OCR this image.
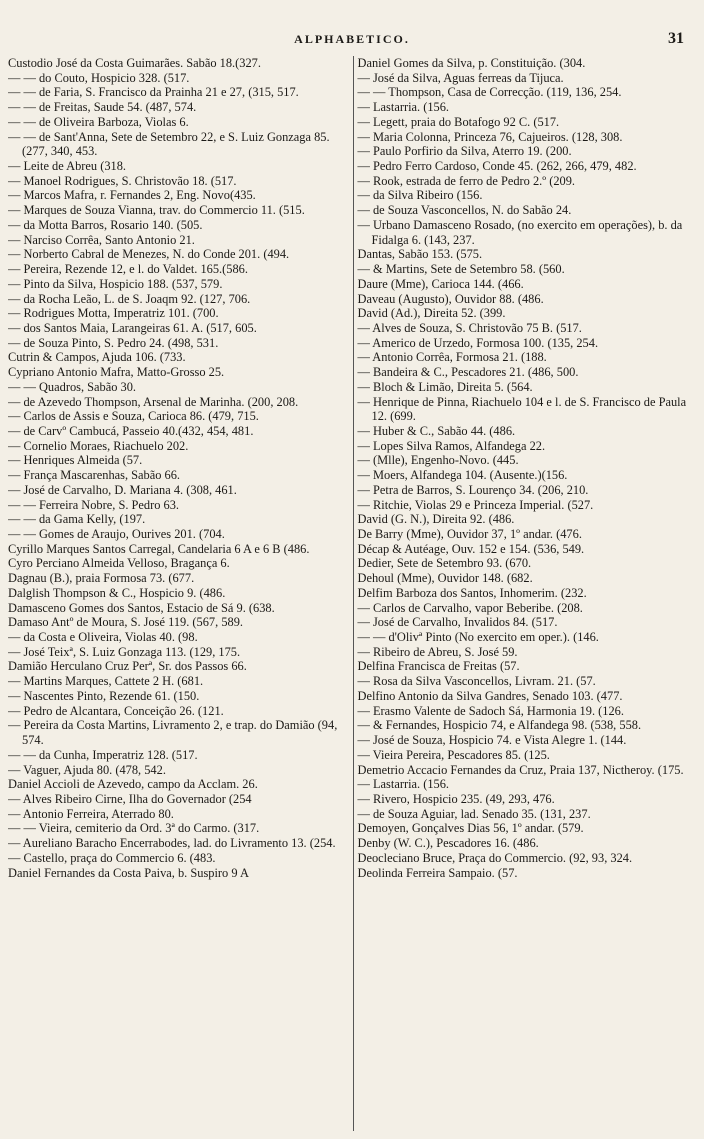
ALPHABETICO.	31

Custodio José da Costa Guimarães. Sabão 18.(327.

— — do Couto, Hospicio 328. (517.

— — de Faria, S. Francisco da Prainha 21 e 27, (315, 517.

— — de Freitas, Saude 54. (487, 574.

— — de Oliveira Barboza, Violas 6.

— — de Sant'Anna, Sete de Setembro 22, e S. Luiz Gonzaga 85. (277, 340, 453.

— Leite de Abreu (318.

— Manoel Rodrigues, S. Christovão 18. (517.

— Marcos Mafra, r. Fernandes 2, Eng. Novo(435.

— Marques de Souza Vianna, trav. do Commercio 11. (515.

— da Motta Barros, Rosario 140. (505.

— Narciso Corrêa, Santo Antonio 21.

— Norberto Cabral de Menezes, N. do Conde 201. (494.

— Pereira, Rezende 12, e l. do Valdet. 165.(586.

— Pinto da Silva, Hospicio 188. (537, 579.

— da Rocha Leão, L. de S. Joaqm 92. (127, 706.

— Rodrigues Motta, Imperatriz 101. (700.

— dos Santos Maia, Larangeiras 61. A. (517, 605.

— de Souza Pinto, S. Pedro 24. (498, 531.

Cutrin & Campos, Ajuda 106. (733.

Cypriano Antonio Mafra, Matto-Grosso 25.

— — Quadros, Sabão 30.

— de Azevedo Thompson, Arsenal de Marinha. (200, 208.

— Carlos de Assis e Souza, Carioca 86. (479, 715.

— de Carvº Cambucá, Passeio 40.(432, 454, 481.

— Cornelio Moraes, Riachuelo 202.

— Henriques Almeida (57.

— França Mascarenhas, Sabão 66.

— José de Carvalho, D. Mariana 4. (308, 461.

— — Ferreira Nobre, S. Pedro 63.

— — da Gama Kelly, (197.

— — Gomes de Araujo, Ourives 201. (704.

Cyrillo Marques Santos Carregal, Candelaria 6 A e 6 B (486.

Cyro Perciano Almeida Velloso, Bragança 6.

Dagnau (B.), praia Formosa 73. (677.

Dalglish Thompson & C., Hospicio 9. (486.

Damasceno Gomes dos Santos, Estacio de Sá 9. (638.

Damaso Antº de Moura, S. José 119. (567, 589.

— da Costa e Oliveira, Violas 40. (98.

— José Teixª, S. Luiz Gonzaga 113. (129, 175.

Damião Herculano Cruz Perª, Sr. dos Passos 66.

— Martins Marques, Cattete 2 H. (681.

— Nascentes Pinto, Rezende 61. (150.

— Pedro de Alcantara, Conceição 26. (121.

— Pereira da Costa Martins, Livramento 2, e trap. do Damião (94, 574.

— — da Cunha, Imperatriz 128. (517.

— Vaguer, Ajuda 80. (478, 542.

Daniel Accioli de Azevedo, campo da Acclam. 26.

— Alves Ribeiro Cirne, Ilha do Governador (254

— Antonio Ferreira, Aterrado 80.

— — Vieira, cemiterio da Ord. 3ª do Carmo. (317.

— Aureliano Baracho Encerrabodes, lad. do Livramento 13. (254.

— Castello, praça do Commercio 6. (483.

Daniel Fernandes da Costa Paiva, b. Suspiro 9 A

Daniel Gomes da Silva, p. Constituição. (304.

— José da Silva, Aguas ferreas da Tijuca.

— — Thompson, Casa de Correcção. (119, 136, 254.

— Lastarria. (156.

— Legett, praia do Botafogo 92 C. (517.

— Maria Colonna, Princeza 76, Cajueiros. (128, 308.

— Paulo Porfirio da Silva, Aterro 19. (200.

— Pedro Ferro Cardoso, Conde 45. (262, 266, 479, 482.

— Rook, estrada de ferro de Pedro 2.º (209.

— da Silva Ribeiro (156.

— de Souza Vasconcellos, N. do Sabão 24.

— Urbano Damasceno Rosado, (no exercito em operações), b. da Fidalga 6. (143, 237.

Dantas, Sabão 153. (575.

— & Martins, Sete de Setembro 58. (560.

Daure (Mme), Carioca 144. (466.

Daveau (Augusto), Ouvidor 88. (486.

David (Ad.), Direita 52. (399.

— Alves de Souza, S. Christovão 75 B. (517.

— Americo de Urzedo, Formosa 100. (135, 254.

— Antonio Corrêa, Formosa 21. (188.

— Bandeira & C., Pescadores 21. (486, 500.

— Bloch & Limão, Direita 5. (564.

— Henrique de Pinna, Riachuelo 104 e l. de S. Francisco de Paula 12. (699.

— Huber & C., Sabão 44. (486.

— Lopes Silva Ramos, Alfandega 22.

— (Mlle), Engenho-Novo. (445.

— Moers, Alfandega 104. (Ausente.)(156.

— Petra de Barros, S. Lourenço 34. (206, 210.

— Ritchie, Violas 29 e Princeza Imperial. (527.

David (G. N.), Direita 92. (486.

De Barry (Mme), Ouvidor 37, 1º andar. (476.

Décap & Autéage, Ouv. 152 e 154. (536, 549.

Dedier, Sete de Setembro 93. (670.

Dehoul (Mme), Ouvidor 148. (682.

Delfim Barboza dos Santos, Inhomerim. (232.

— Carlos de Carvalho, vapor Beberibe. (208.

— José de Carvalho, Invalidos 84. (517.

— — d'Olivª Pinto (No exercito em oper.). (146.

— Ribeiro de Abreu, S. José 59.

Delfina Francisca de Freitas (57.

— Rosa da Silva Vasconcellos, Livram. 21. (57.

Delfino Antonio da Silva Gandres, Senado 103. (477.

— Erasmo Valente de Sadoch Sá, Harmonia 19. (126.

— & Fernandes, Hospicio 74, e Alfandega 98. (538, 558.

— José de Souza, Hospicio 74. e Vista Alegre 1. (144.

— Vieira Pereira, Pescadores 85. (125.

Demetrio Accacio Fernandes da Cruz, Praia 137, Nictheroy. (175.

— Lastarria. (156.

— Rivero, Hospicio 235. (49, 293, 476.

— de Souza Aguiar, lad. Senado 35. (131, 237.

Demoyen, Gonçalves Dias 56, 1º andar. (579.

Denby (W. C.), Pescadores 16. (486.

Deocleciano Bruce, Praça do Commercio. (92, 93, 324.

Deolinda Ferreira Sampaio. (57.
